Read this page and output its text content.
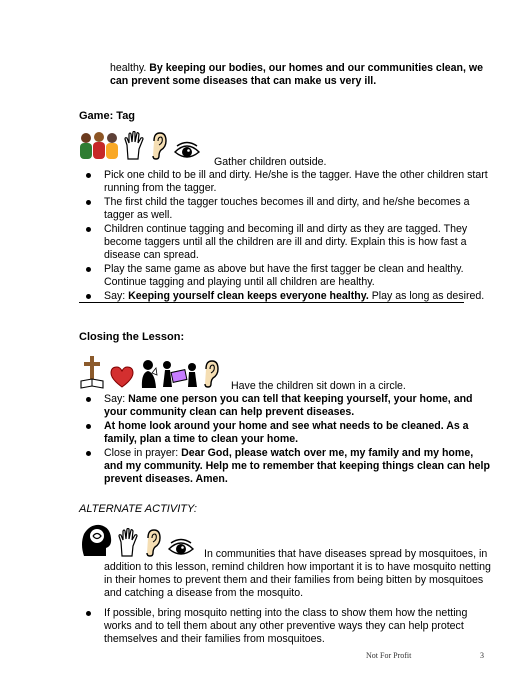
healthy. By keeping our bodies, our homes and our communities clean, we can prevent some diseases that can make us very ill.
Game: Tag
Gather children outside.
Pick one child to be ill and dirty. He/she is the tagger. Have the other children start running from the tagger.
The first child the tagger touches becomes ill and dirty, and he/she becomes a tagger as well.
Children continue tagging and becoming ill and dirty as they are tagged. They become taggers until all the children are ill and dirty. Explain this is how fast a disease can spread.
Play the same game as above but have the first tagger be clean and healthy. Continue tagging and playing until all children are healthy.
Say: Keeping yourself clean keeps everyone healthy. Play as long as desired.
Closing the Lesson:
Have the children sit down in a circle.
Say: Name one person you can tell that keeping yourself, your home, and your community clean can help prevent diseases.
At home look around your home and see what needs to be cleaned. As a family, plan a time to clean your home.
Close in prayer: Dear God, please watch over me, my family and my home, and my community. Help me to remember that keeping things clean can help prevent diseases. Amen.
ALTERNATE ACTIVITY:
In communities that have diseases spread by mosquitoes, in addition to this lesson, remind children how important it is to have mosquito netting in their homes to prevent them and their families from being bitten by mosquitoes and catching a disease from the mosquito.
If possible, bring mosquito netting into the class to show them how the netting works and to tell them about any other preventive ways they can help protect themselves and their families from mosquitoes.
Not For Profit	3
